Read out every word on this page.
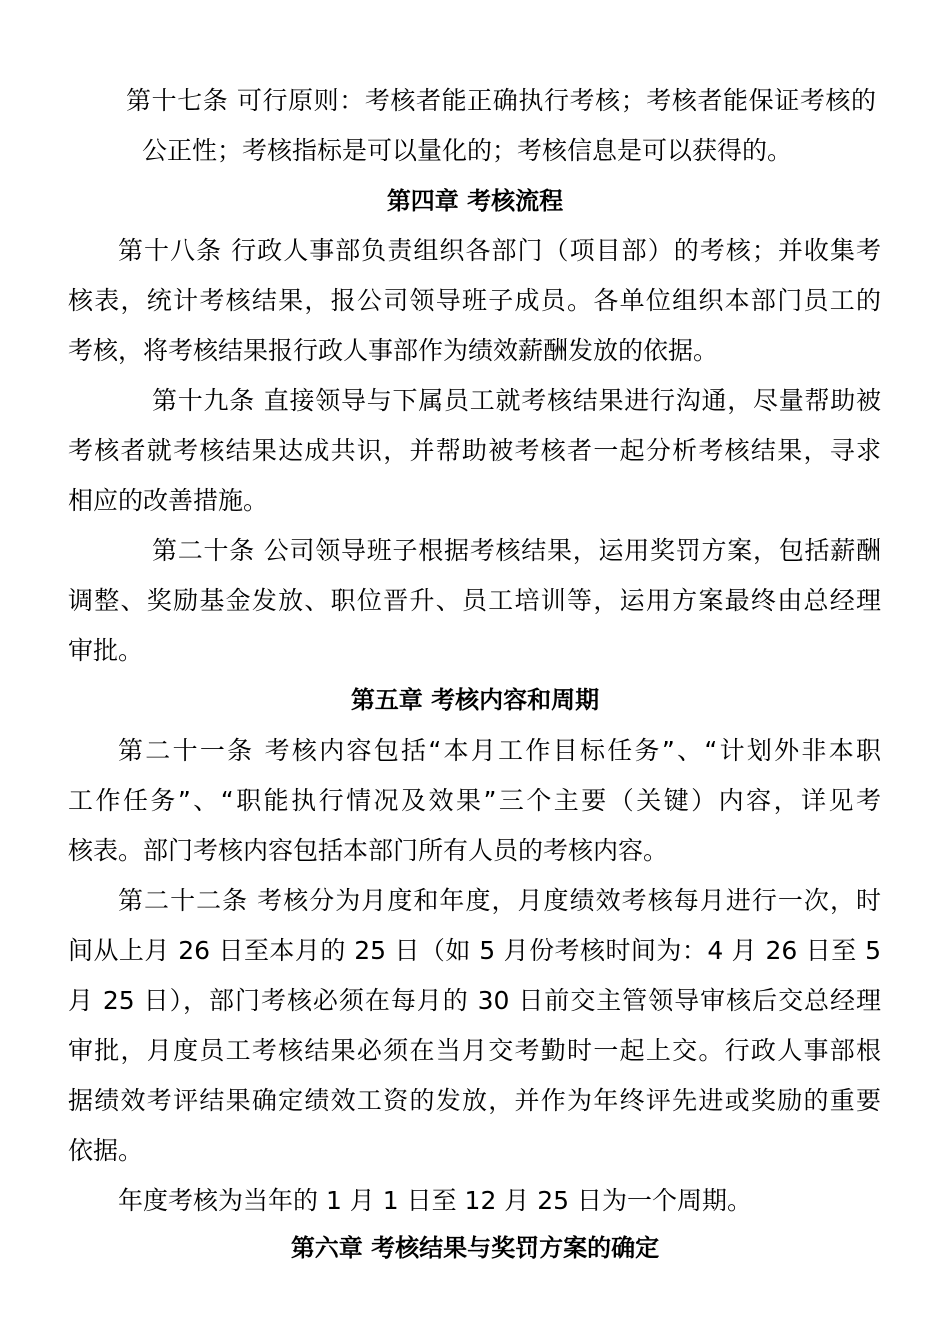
第十七条 可行原则：考核者能正确执行考核；考核者能保证考核的
公正性；考核指标是可以量化的；考核信息是可以获得的。
第四章 考核流程
第十八条 行政人事部负责组织各部门（项目部）的考核；并收集考
核表，统计考核结果，报公司领导班子成员。各单位组织本部门员工的
考核，将考核结果报行政人事部作为绩效薪酬发放的依据。
第十九条 直接领导与下属员工就考核结果进行沟通，尽量帮助被
考核者就考核结果达成共识，并帮助被考核者一起分析考核结果，寻求
相应的改善措施。
第二十条 公司领导班子根据考核结果，运用奖罚方案，包括薪酬
调整、奖励基金发放、职位晋升、员工培训等，运用方案最终由总经理
审批。
第五章 考核内容和周期
第二十一条 考核内容包括“本月工作目标任务”、“计划外非本职
工作任务”、“职能执行情况及效果”三个主要（关键）内容，详见考
核表。部门考核内容包括本部门所有人员的考核内容。
第二十二条 考核分为月度和年度，月度绩效考核每月进行一次，时
间从上月 26 日至本月的 25 日（如 5 月份考核时间为：4 月 26 日至 5
月 25 日），部门考核必须在每月的 30 日前交主管领导审核后交总经理
审批，月度员工考核结果必须在当月交考勤时一起上交。行政人事部根
据绩效考评结果确定绩效工资的发放，并作为年终评先进或奖励的重要
依据。
年度考核为当年的 1 月 1 日至 12 月 25 日为一个周期。
第六章 考核结果与奖罚方案的确定
